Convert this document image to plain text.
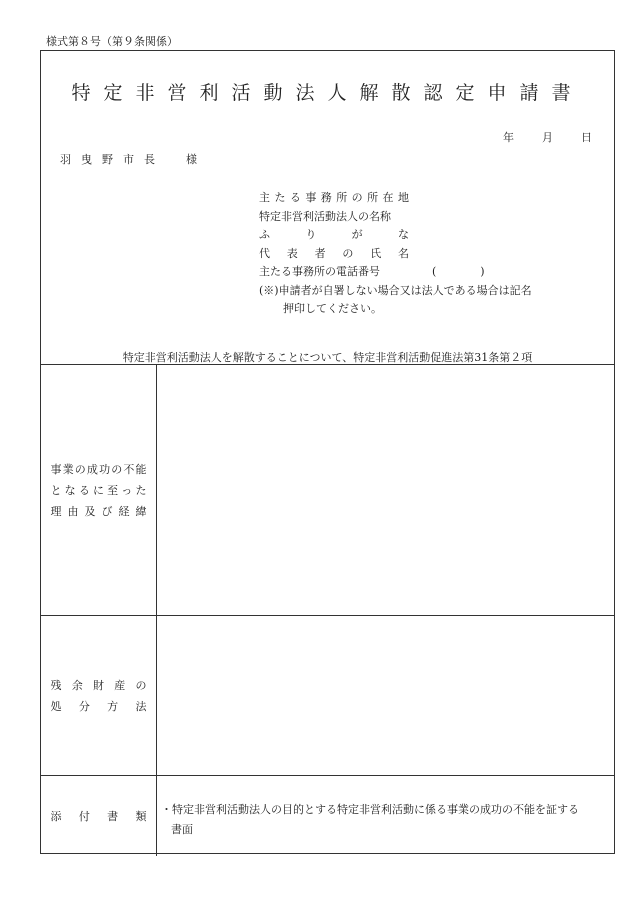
様式第８号（第９条関係）
特定非営利活動法人解散認定申請書
年	月	日
羽曳野市長　様
主 た る 事 務 所 の 所 在 地
特定非営利活動法人の名称
ふ	り	が	な
代 表 者 の 氏 名
主たる事務所の電話番号	(　　　　)
(※)申請者が自署しない場合又は法人である場合は記名
押印してください。
特定非営利活動法人を解散することについて、特定非営利活動促進法第31条第２項
事 業 の 成 功 の 不 能
と な る に 至 っ た
理 由 及 び 経 緯
残 余 財 産 の
処 分 方 法
添 付 書 類 ・特定非営利活動法人の目的とする特定非営利活動に係る事業の成功の不能を証する
書面
